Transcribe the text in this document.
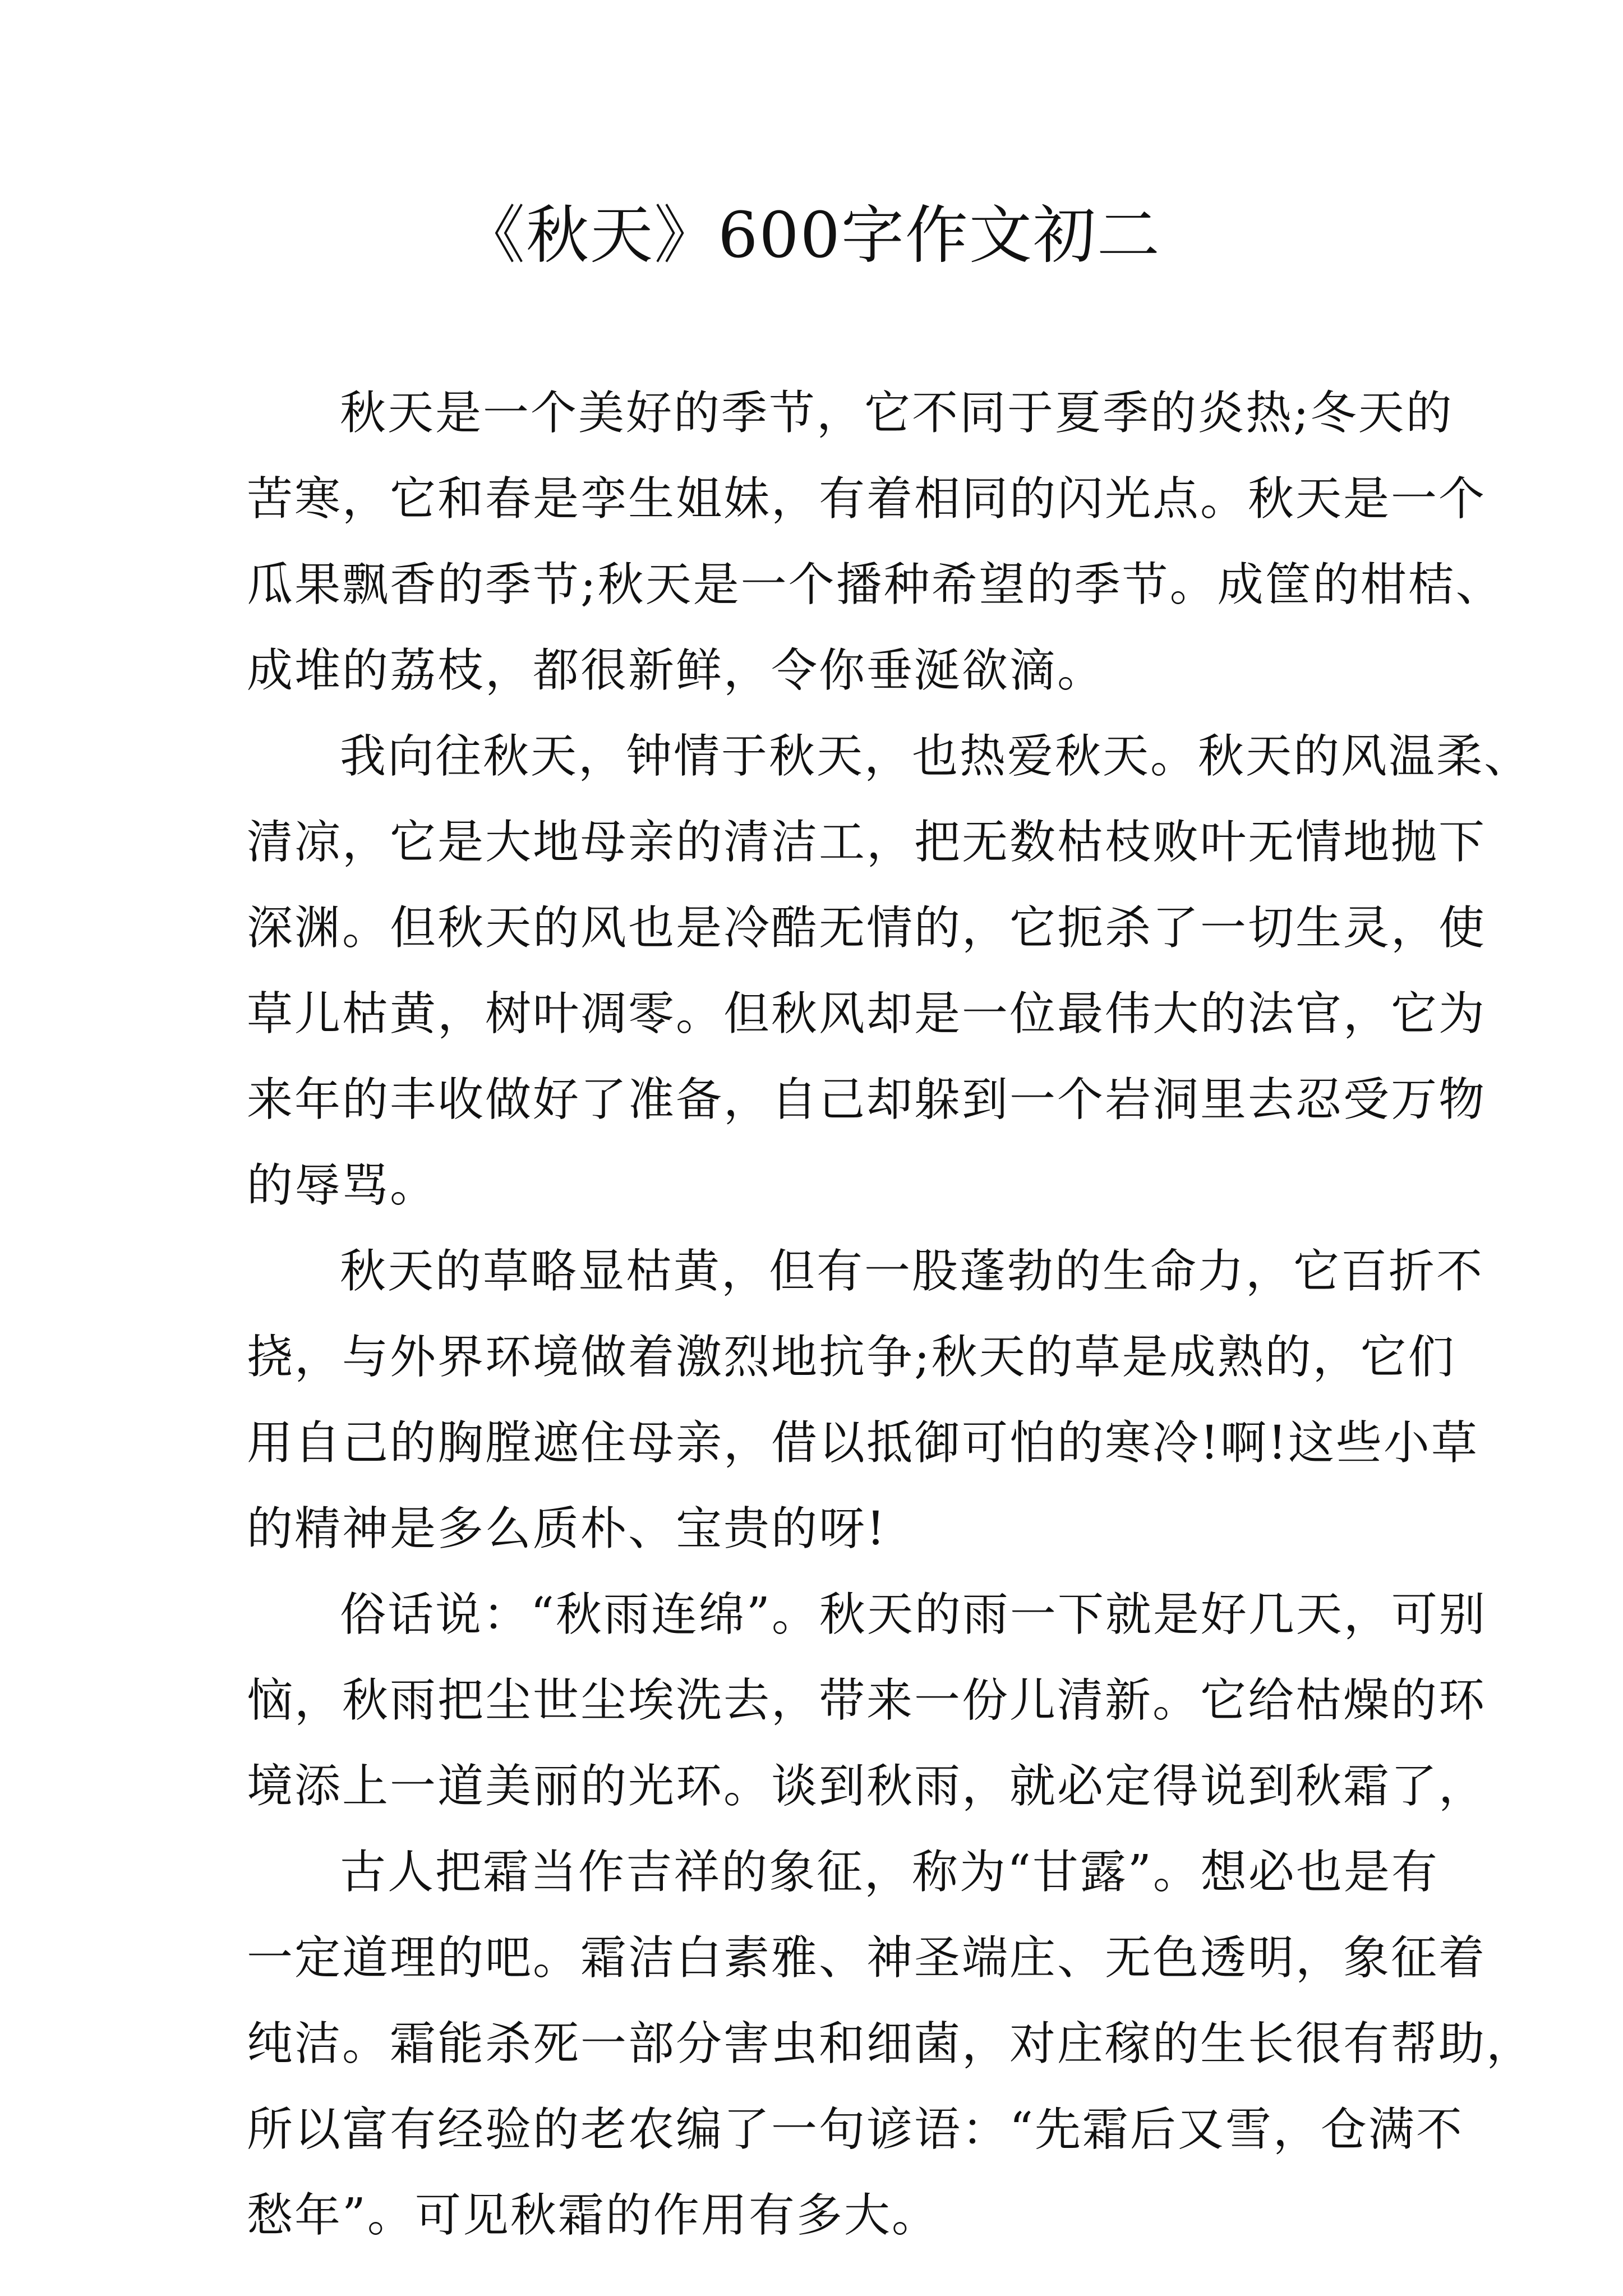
《秋天》600字作文初二

秋天是一个美好的季节，它不同于夏季的炎热;冬天的
苦寒，它和春是孪生姐妹，有着相同的闪光点。秋天是一个
瓜果飘香的季节;秋天是一个播种希望的季节。成筐的柑桔、
成堆的荔枝，都很新鲜，令你垂涎欲滴。

我向往秋天，钟情于秋天，也热爱秋天。秋天的风温柔、
清凉，它是大地母亲的清洁工，把无数枯枝败叶无情地抛下
深渊。但秋天的风也是冷酷无情的，它扼杀了一切生灵，使
草儿枯黄，树叶凋零。但秋风却是一位最伟大的法官，它为
来年的丰收做好了准备，自己却躲到一个岩洞里去忍受万物
的辱骂。

秋天的草略显枯黄，但有一股蓬勃的生命力，它百折不
挠，与外界环境做着激烈地抗争;秋天的草是成熟的，它们
用自己的胸膛遮住母亲，借以抵御可怕的寒冷!啊!这些小草
的精神是多么质朴、宝贵的呀!

俗话说：“秋雨连绵”。秋天的雨一下就是好几天，可别
恼，秋雨把尘世尘埃洗去，带来一份儿清新。它给枯燥的环
境添上一道美丽的光环。谈到秋雨，就必定得说到秋霜了，

古人把霜当作吉祥的象征，称为“甘露”。想必也是有
一定道理的吧。霜洁白素雅、神圣端庄、无色透明，象征着
纯洁。霜能杀死一部分害虫和细菌，对庄稼的生长很有帮助，
所以富有经验的老农编了一句谚语：“先霜后又雪，仓满不
愁年”。可见秋霜的作用有多大。
